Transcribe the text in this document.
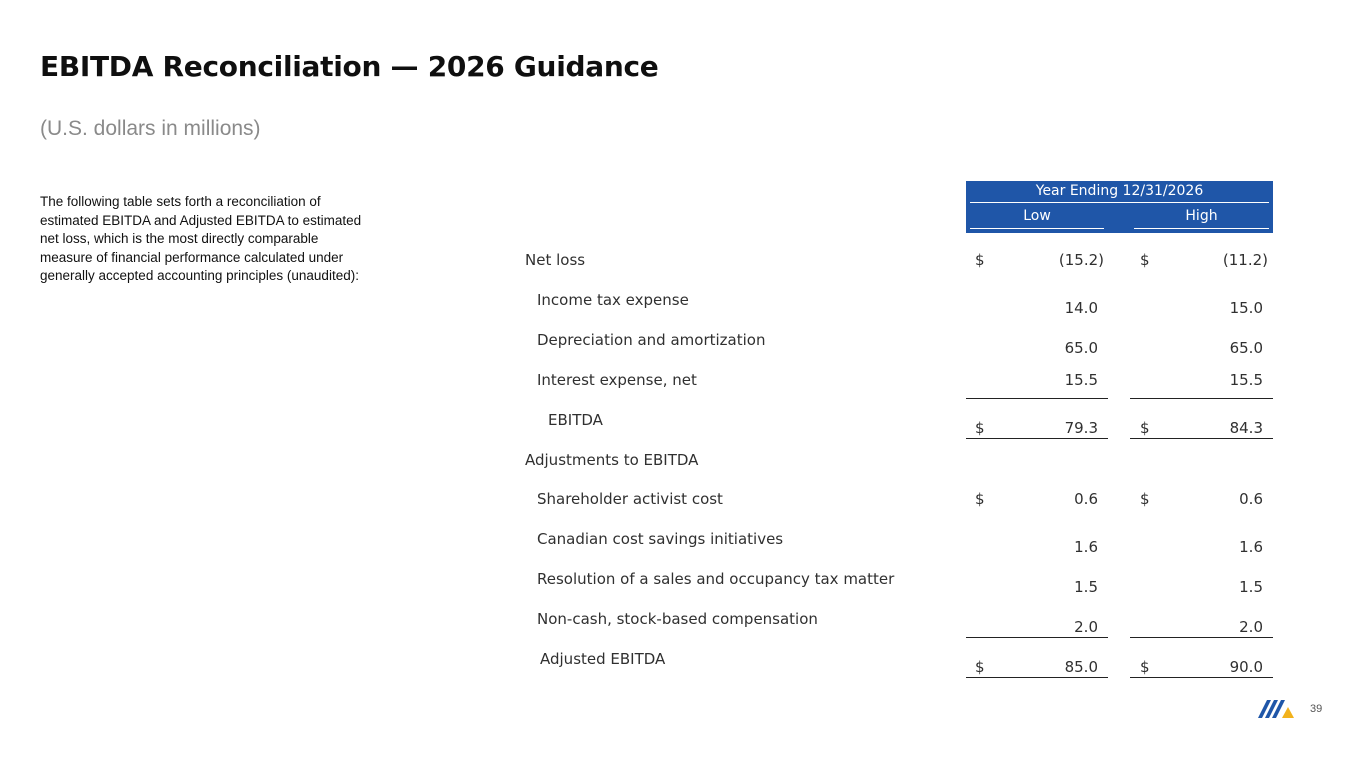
EBITDA Reconciliation — 2026 Guidance
(U.S. dollars in millions)
The following table sets forth a reconciliation of estimated EBITDA and Adjusted EBITDA to estimated net loss, which is the most directly comparable measure of financial performance calculated under generally accepted accounting principles (unaudited):
Year Ending 12/31/2026
Low	High
Net loss	$	(15.2) $	(11.2)
Income tax expense	14.0	15.0
Depreciation and amortization	65.0	65.0
Interest expense, net	15.5	15.5
EBITDA	$	79.3	$	84.3
Adjustments to EBITDA
Shareholder activist cost	$	0.6	$	0.6
Canadian cost savings initiatives	1.6	1.6
Resolution of a sales and occupancy tax matter	1.5	1.5
Non-cash, stock-based compensation	2.0	2.0
Adjusted EBITDA	$	85.0	$	90.0
39
